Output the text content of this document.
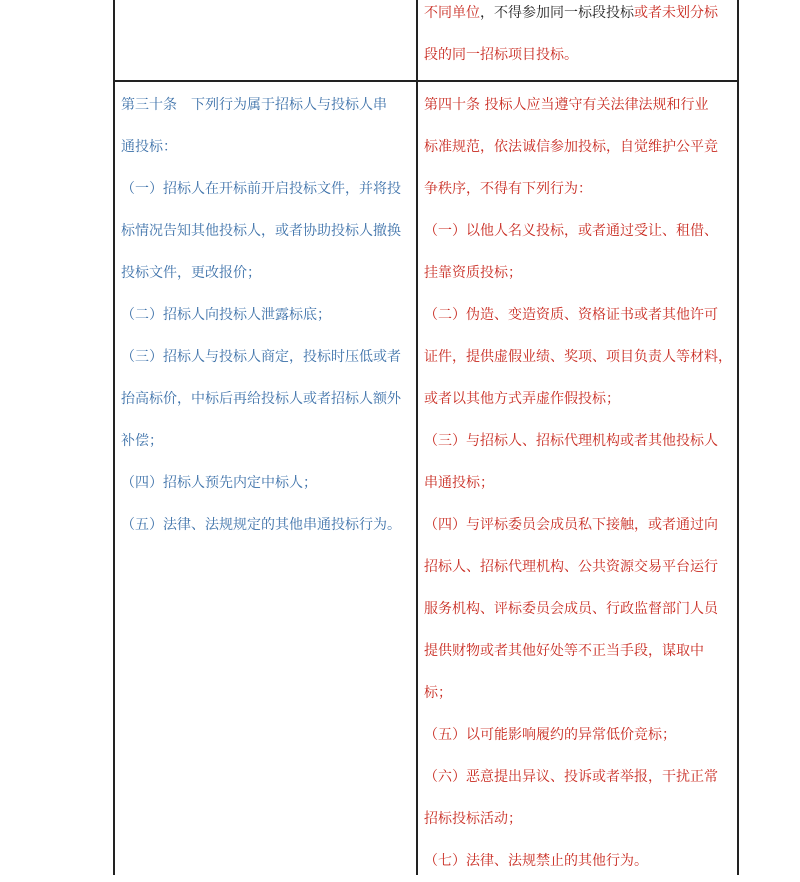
不同单位，不得参加同一标段投标或者未划分标
段的同一招标项目投标。
第三十条　下列行为属于招标人与投标人串
通投标：
（一）招标人在开标前开启投标文件，并将投
标情况告知其他投标人，或者协助投标人撤换
投标文件，更改报价；
（二）招标人向投标人泄露标底；
（三）招标人与投标人商定，投标时压低或者
抬高标价，中标后再给投标人或者招标人额外
补偿；
（四）招标人预先内定中标人；
（五）法律、法规规定的其他串通投标行为。
第四十条 投标人应当遵守有关法律法规和行业
标准规范，依法诚信参加投标，自觉维护公平竞
争秩序，不得有下列行为：
（一）以他人名义投标，或者通过受让、租借、
挂靠资质投标；
（二）伪造、变造资质、资格证书或者其他许可
证件，提供虚假业绩、奖项、项目负责人等材料，
或者以其他方式弄虚作假投标；
（三）与招标人、招标代理机构或者其他投标人
串通投标；
（四）与评标委员会成员私下接触，或者通过向
招标人、招标代理机构、公共资源交易平台运行
服务机构、评标委员会成员、行政监督部门人员
提供财物或者其他好处等不正当手段，谋取中
标；
（五）以可能影响履约的异常低价竞标；
（六）恶意提出异议、投诉或者举报，干扰正常
招标投标活动；
（七）法律、法规禁止的其他行为。
